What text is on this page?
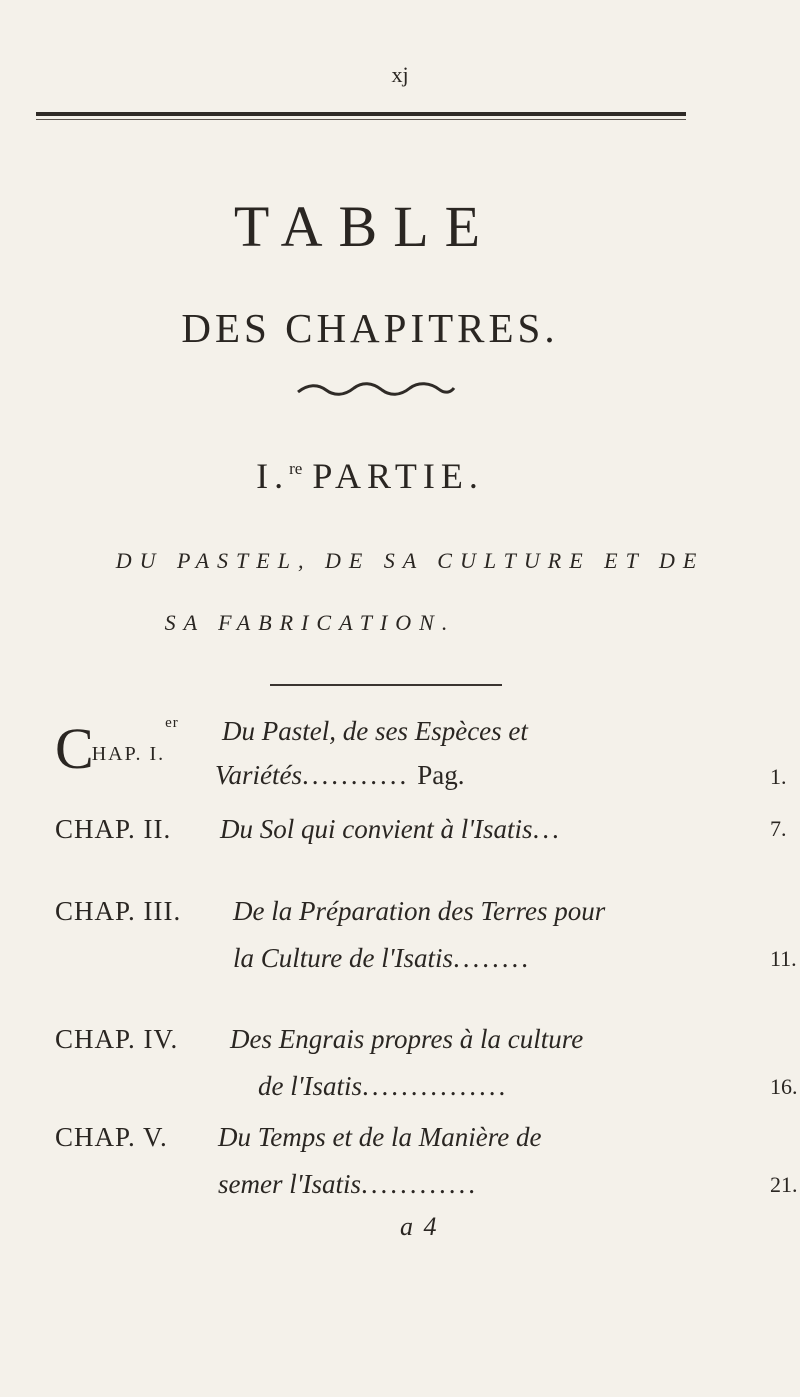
xj
TABLE
DES CHAPITRES.
I.$^{re}$ PARTIE.
DU PASTEL, DE SA CULTURE ET DE
SA FABRICATION.
CHAP. I.$^{er}$ Du Pastel, de ses Espèces et
Variétés........... Pag.	1.
CHAP. II. Du Sol qui convient à l'Isatis...	7.
CHAP. III. De la Préparation des Terres pour
la Culture de l'Isatis........	11.
CHAP. IV. Des Engrais propres à la culture
de l'Isatis...............	16.
CHAP. V. Du Temps et de la Manière de
semer l'Isatis............	21.
a 4
